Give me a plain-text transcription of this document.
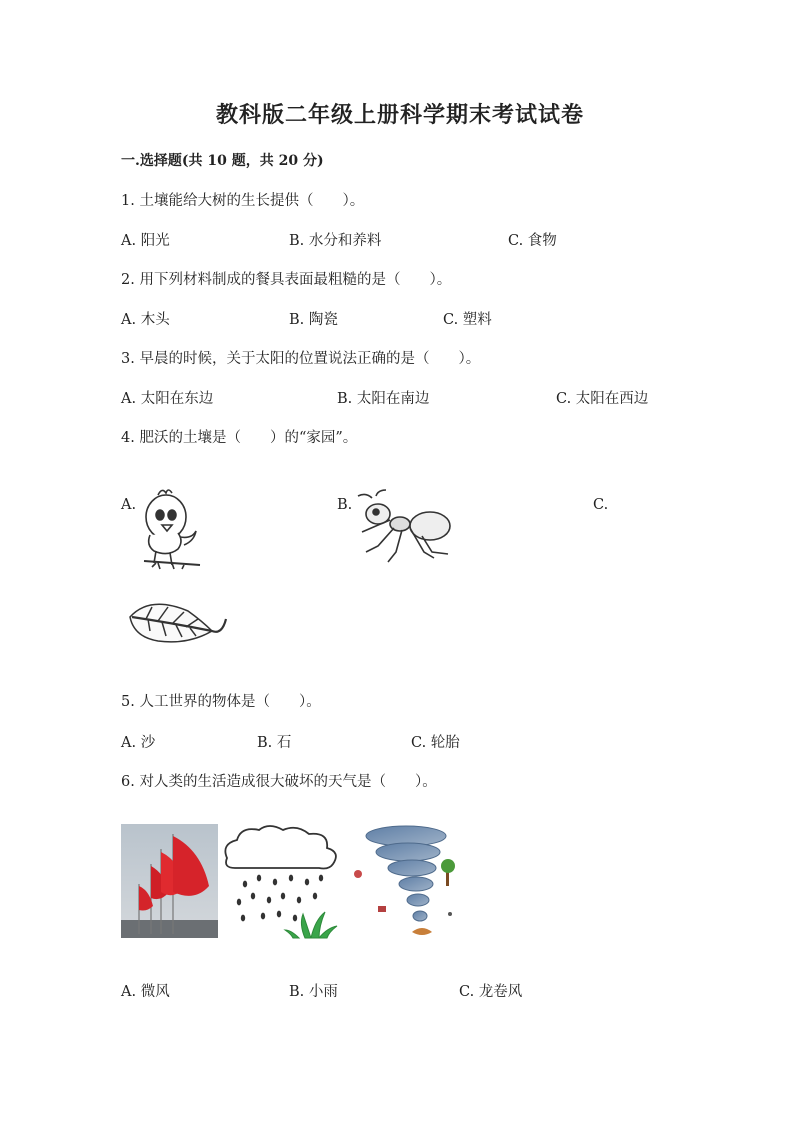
教科版二年级上册科学期末考试试卷
一.选择题(共 10 题，共 20 分)
1. 土壤能给大树的生长提供（　　）。
A. 阳光	B. 水分和养料	C. 食物
2. 用下列材料制成的餐具表面最粗糙的是（　　）。
A. 木头	B. 陶瓷	C. 塑料
3. 早晨的时候，关于太阳的位置说法正确的是（　　）。
A. 太阳在东边	B. 太阳在南边	C. 太阳在西边
4. 肥沃的土壤是（　　）的“家园”。
A.	B.	C.
5. 人工世界的物体是（　　）。
A. 沙	B. 石	C. 轮胎
6. 对人类的生活造成很大破坏的天气是（　　）。
A. 微风	B. 小雨	C. 龙卷风
